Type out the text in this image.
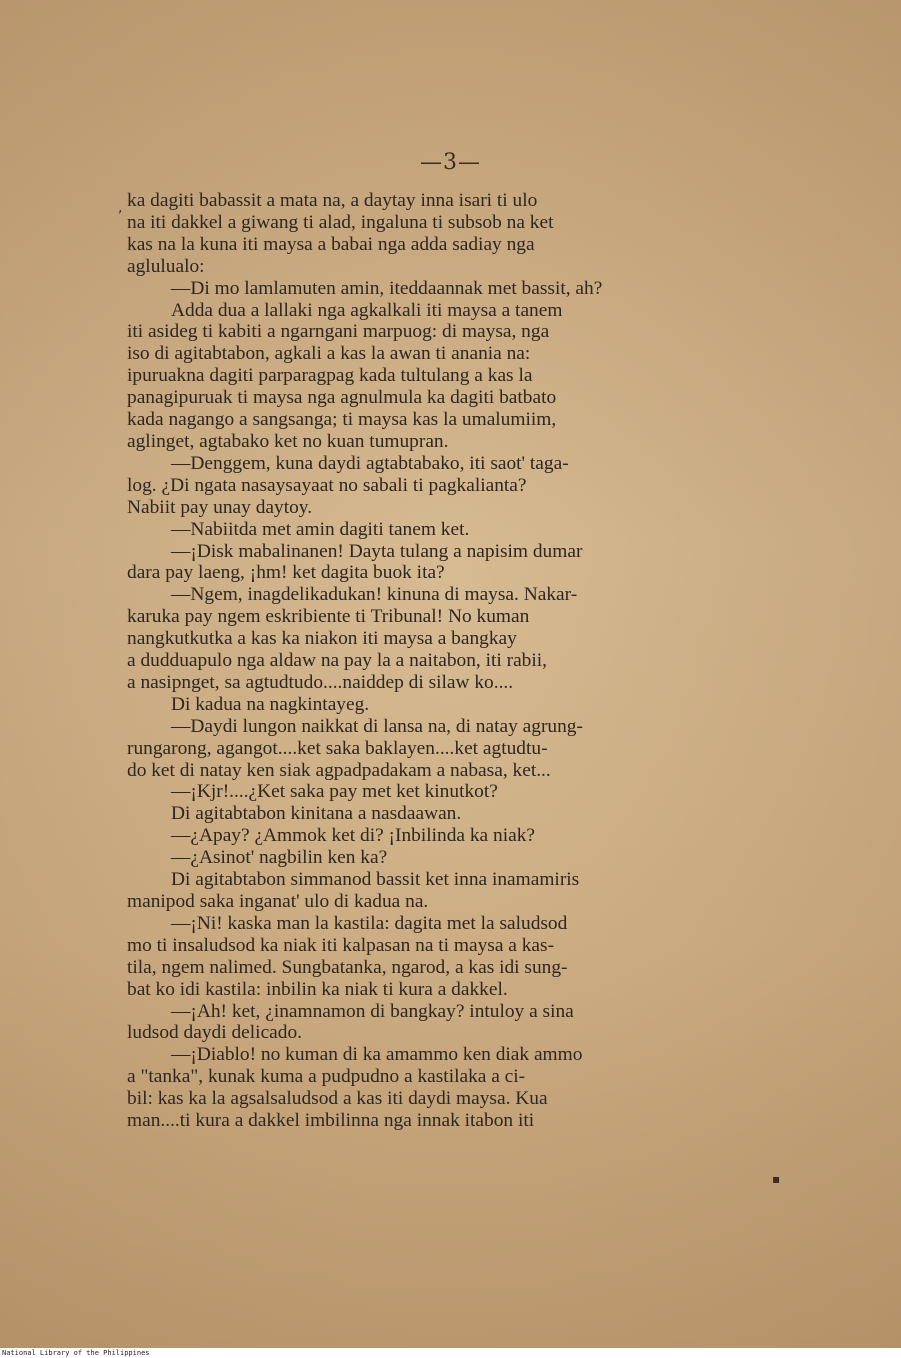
—3—
ka dagiti babassit a mata na, a daytay inna isari ti ulo
na iti dakkel a giwang ti alad, ingaluna ti subsob na ket
kas na la kuna iti maysa a babai nga adda sadiay nga
aglulualo:
—Di mo lamlamuten amin, iteddaannak met bassit, ah?
Adda dua a lallaki nga agkalkali iti maysa a tanem
iti asideg ti kabiti a ngarngani marpuog: di maysa, nga
iso di agitabtabon, agkali a kas la awan ti anania na:
ipuruakna dagiti parparagpag kada tultulang a kas la
panagipuruak ti maysa nga agnulmula ka dagiti batbato
kada nagango a sangsanga; ti maysa kas la umalumiim,
aglinget, agtabako ket no kuan tumupran.
—Denggem, kuna daydi agtabtabako, iti saot' taga-
log. ¿Di ngata nasaysayaat no sabali ti pagkalianta?
Nabiit pay unay daytoy.
—Nabiitda met amin dagiti tanem ket.
—¡Disk mabalinanen! Dayta tulang a napisim dumar
dara pay laeng, ¡hm! ket dagita buok ita?
—Ngem, inagdelikadukan! kinuna di maysa. Nakar-
karuka pay ngem eskribiente ti Tribunal! No kuman
nangkutkutka a kas ka niakon iti maysa a bangkay
a dudduapulo nga aldaw na pay la a naitabon, iti rabii,
a nasipnget, sa agtudtudo....naiddep di silaw ko....
Di kadua na nagkintayeg.
—Daydi lungon naikkat di lansa na, di natay agrung-
rungarong, agangot....ket saka baklayen....ket agtudtu-
do ket di natay ken siak agpadpadakam a nabasa, ket...
—¡Kjr!....¿Ket saka pay met ket kinutkot?
Di agitabtabon kinitana a nasdaawan.
—¿Apay? ¿Ammok ket di? ¡Inbilinda ka niak?
—¿Asinot' nagbilin ken ka?
Di agitabtabon simmanod bassit ket inna inamamiris
manipod saka inganat' ulo di kadua na.
—¡Ni! kaska man la kastila: dagita met la saludsod
mo ti insaludsod ka niak iti kalpasan na ti maysa a kas-
tila, ngem nalimed. Sungbatanka, ngarod, a kas idi sung-
bat ko idi kastila: inbilin ka niak ti kura a dakkel.
—¡Ah! ket, ¿inamnamon di bangkay? intuloy a sina
ludsod daydi delicado.
—¡Diablo! no kuman di ka amammo ken diak ammo
a "tanka", kunak kuma a pudpudno a kastilaka a ci-
bil: kas ka la agsalsaludsod a kas iti daydi maysa. Kua
man....ti kura a dakkel imbilinna nga innak itabon iti
,
▪
National Library of the Philippines
